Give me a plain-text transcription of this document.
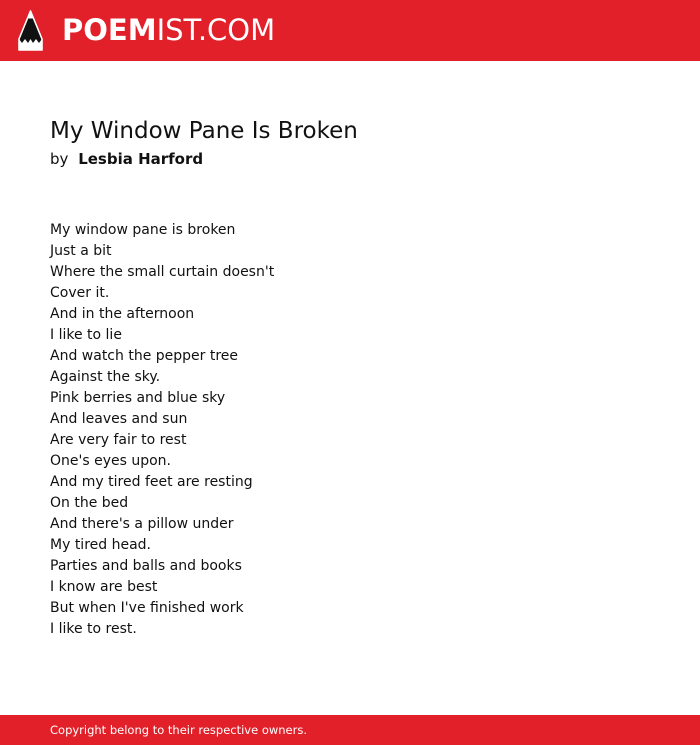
POEMIST.COM
My Window Pane Is Broken
by Lesbia Harford
My window pane is broken
Just a bit
Where the small curtain doesn't
Cover it.
And in the afternoon
I like to lie
And watch the pepper tree
Against the sky.
Pink berries and blue sky
And leaves and sun
Are very fair to rest
One's eyes upon.
And my tired feet are resting
On the bed
And there's a pillow under
My tired head.
Parties and balls and books
I know are best
But when I've finished work
I like to rest.
Copyright belong to their respective owners.
